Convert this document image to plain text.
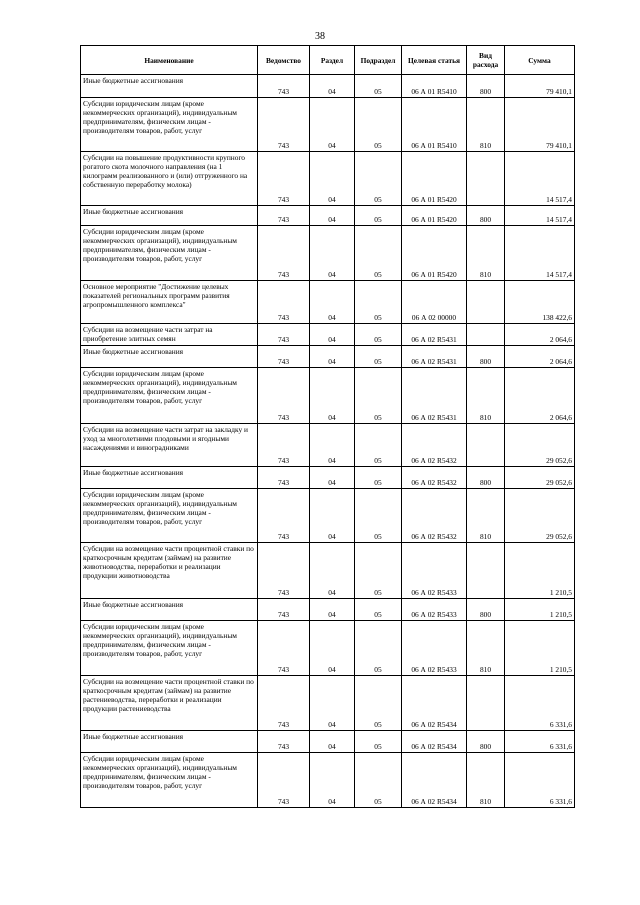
38
Наименование	Ведомство	Раздел	Подраздел	Целевая статья	Вид расхода	Сумма
Иные бюджетные ассигнования	743	04	05	06 А 01 R5410	800	79 410,1
Субсидии юридическим лицам (кроме некоммерческих организаций), индивидуальным предпринимателям, физическим лицам - производителям товаров, работ, услуг	743	04	05	06 А 01 R5410	810	79 410,1
Субсидии на повышение продуктивности крупного рогатого скота молочного направления (на 1 килограмм реализованного и (или) отгруженного на собственную переработку молока)	743	04	05	06 А 01 R5420		14 517,4
Иные бюджетные ассигнования	743	04	05	06 А 01 R5420	800	14 517,4
Субсидии юридическим лицам (кроме некоммерческих организаций), индивидуальным предпринимателям, физическим лицам - производителям товаров, работ, услуг	743	04	05	06 А 01 R5420	810	14 517,4
Основное мероприятие "Достижение целевых показателей региональных программ развития агропромышленного комплекса"	743	04	05	06 А 02 00000		138 422,6
Субсидии на возмещение части затрат на приобретение элитных семян	743	04	05	06 А 02 R5431		2 064,6
Иные бюджетные ассигнования	743	04	05	06 А 02 R5431	800	2 064,6
Субсидии юридическим лицам (кроме некоммерческих организаций), индивидуальным предпринимателям, физическим лицам - производителям товаров, работ, услуг	743	04	05	06 А 02 R5431	810	2 064,6
Субсидии на возмещение части затрат на закладку и уход за многолетними плодовыми и ягодными насаждениями и виноградниками	743	04	05	06 А 02 R5432		29 052,6
Иные бюджетные ассигнования	743	04	05	06 А 02 R5432	800	29 052,6
Субсидии юридическим лицам (кроме некоммерческих организаций), индивидуальным предпринимателям, физическим лицам - производителям товаров, работ, услуг	743	04	05	06 А 02 R5432	810	29 052,6
Субсидии на возмещение части процентной ставки по краткосрочным кредитам (займам) на развитие животноводства, переработки и реализации продукции животноводства	743	04	05	06 А 02 R5433		1 210,5
Иные бюджетные ассигнования	743	04	05	06 А 02 R5433	800	1 210,5
Субсидии юридическим лицам (кроме некоммерческих организаций), индивидуальным предпринимателям, физическим лицам - производителям товаров, работ, услуг	743	04	05	06 А 02 R5433	810	1 210,5
Субсидии на возмещение части процентной ставки по краткосрочным кредитам (займам) на развитие растениеводства, переработки и реализации продукции растениеводства	743	04	05	06 А 02 R5434		6 331,6
Иные бюджетные ассигнования	743	04	05	06 А 02 R5434	800	6 331,6
Субсидии юридическим лицам (кроме некоммерческих организаций), индивидуальным предпринимателям, физическим лицам - производителям товаров, работ, услуг	743	04	05	06 А 02 R5434	810	6 331,6
